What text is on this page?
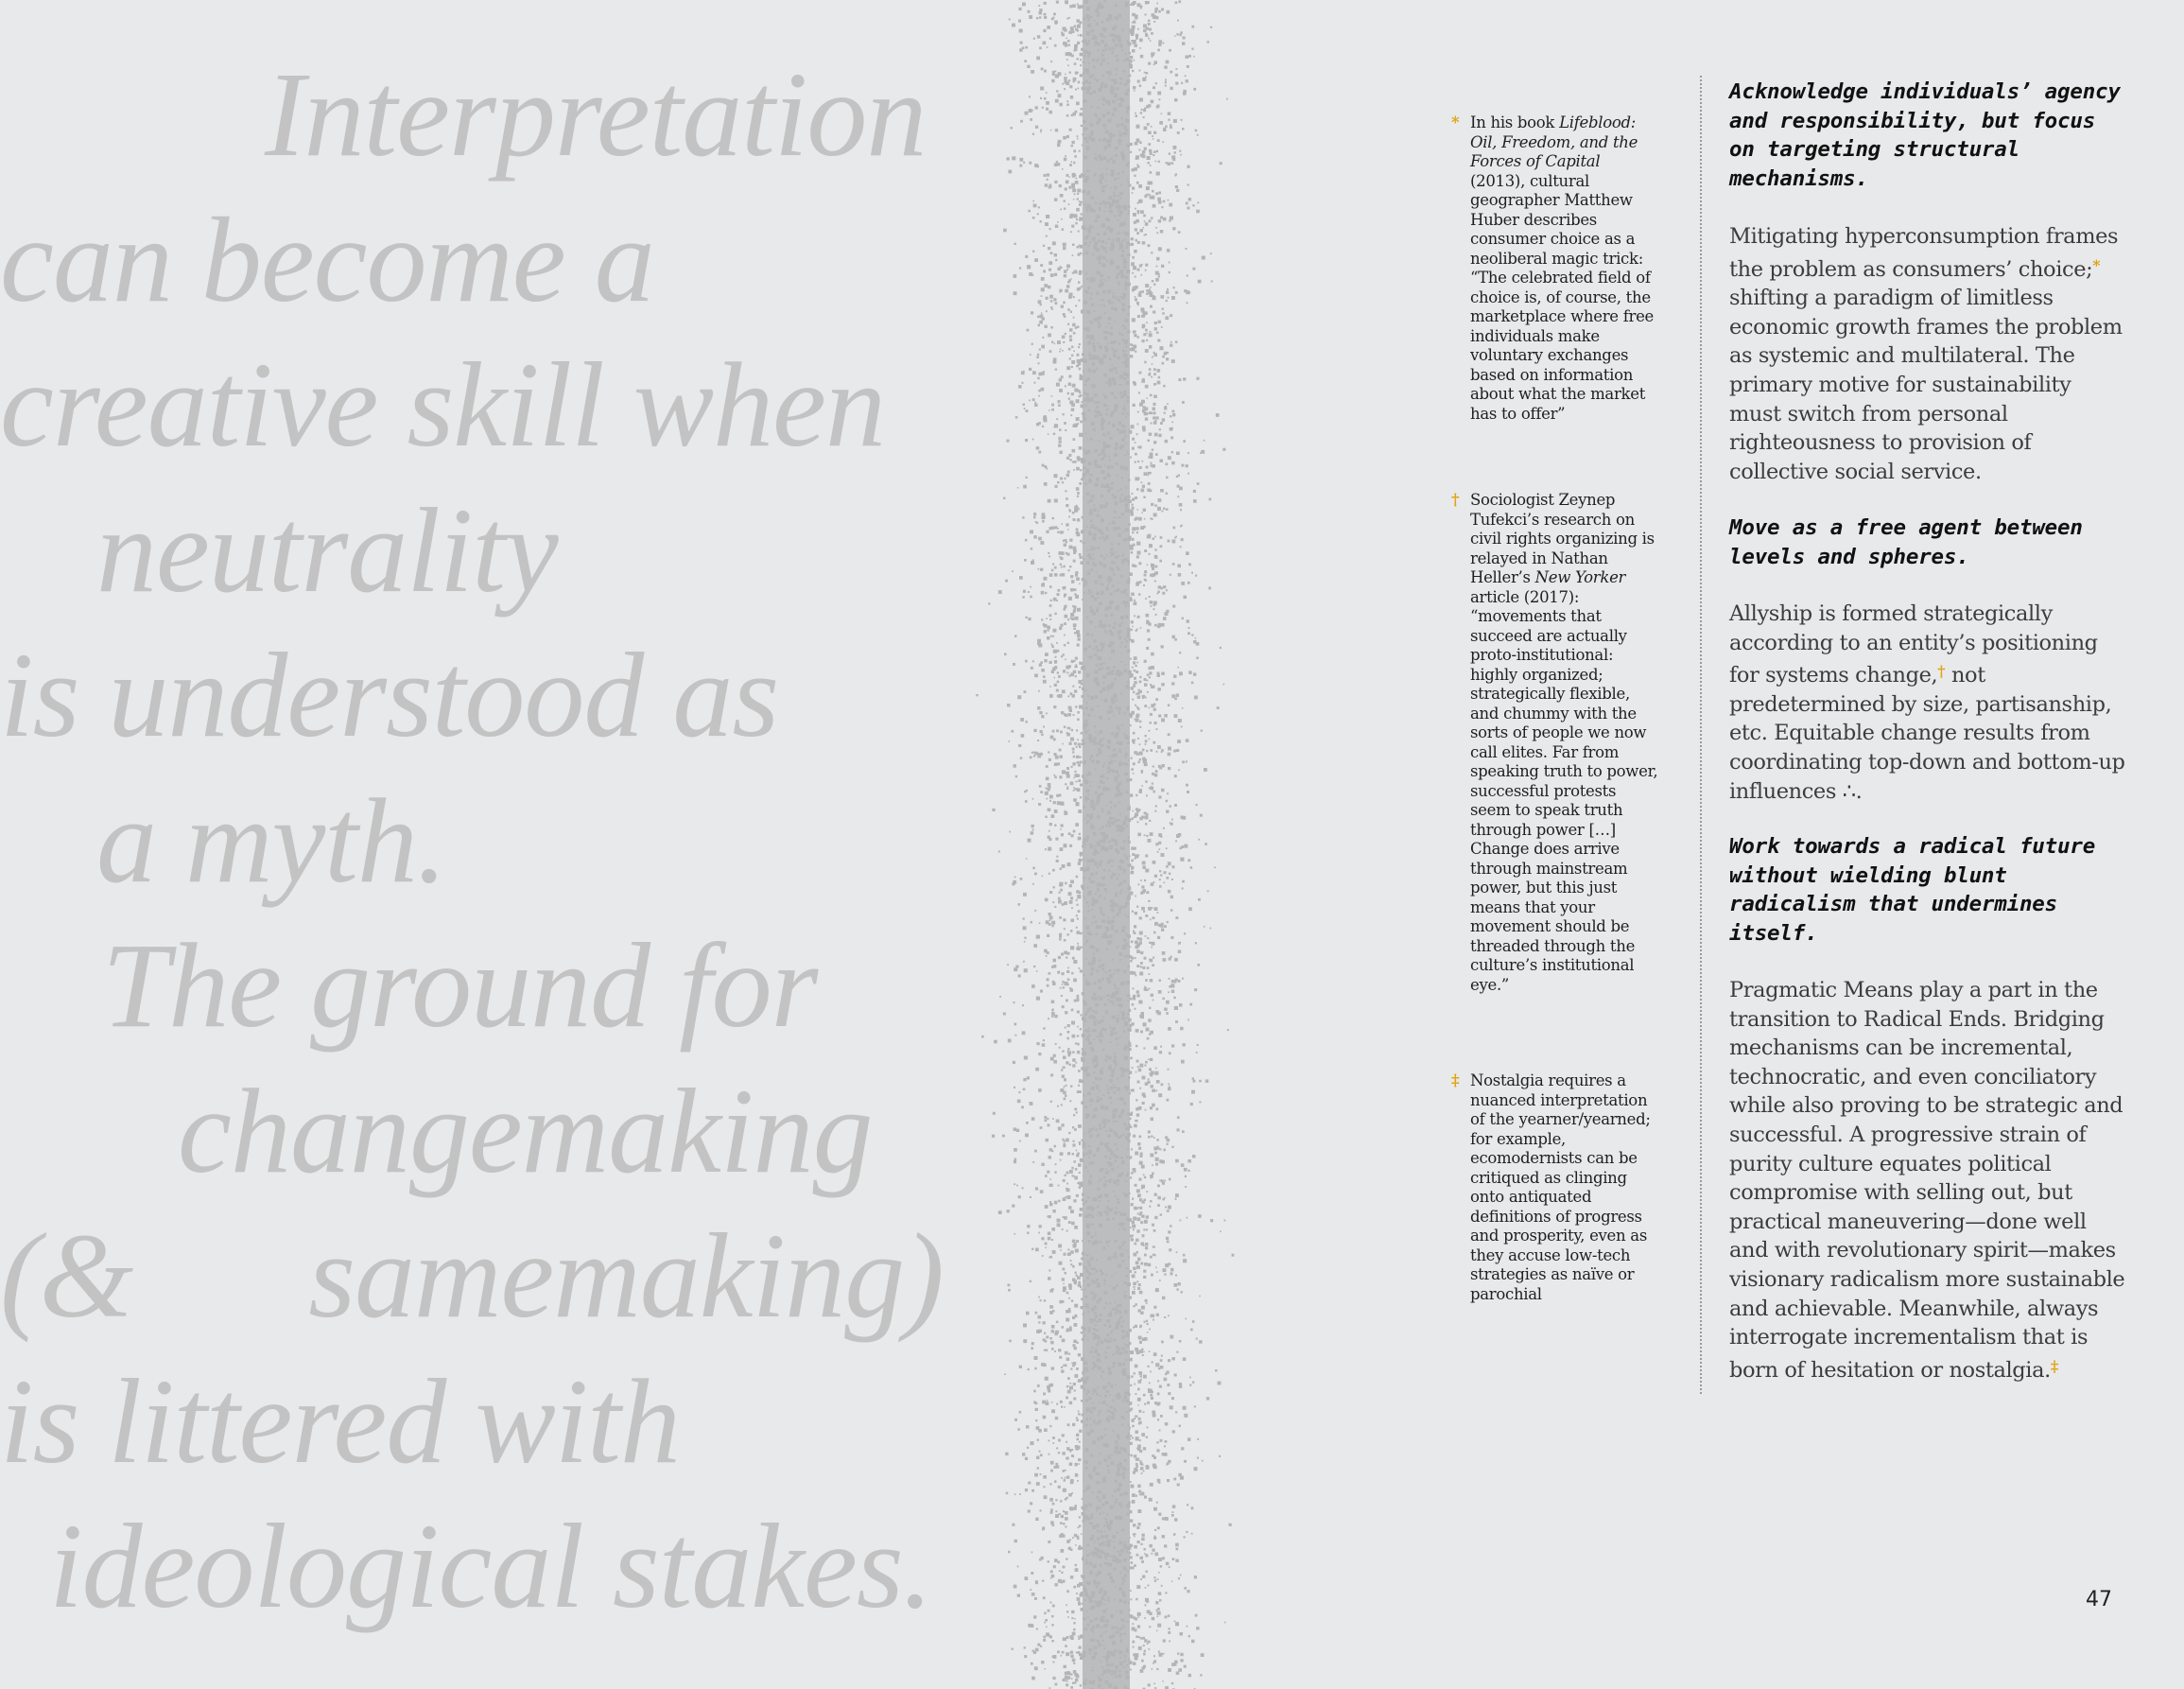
Interpretation
can become a
creative skill when
neutrality
is understood as
a myth.
The ground for
changemaking
(&      samemaking)
is littered with
ideological stakes.
* In his book Lifeblood: Oil, Freedom, and the Forces of Capital (2013), cultural geographer Matthew Huber describes consumer choice as a neoliberal magic trick: “The celebrated field of choice is, of course, the marketplace where free individuals make voluntary exchanges based on information about what the market has to offer”
† Sociologist Zeynep Tufekci’s research on civil rights organizing is relayed in Nathan Heller’s New Yorker article (2017): “movements that succeed are actually proto-institutional: highly organized; strategically flexible, and chummy with the sorts of people we now call elites. Far from speaking truth to power, successful protests seem to speak truth through power […] Change does arrive through mainstream power, but this just means that your movement should be threaded through the culture’s institutional eye.”
‡ Nostalgia requires a nuanced interpretation of the yearner/yearned; for example, ecomodernists can be critiqued as clinging onto antiquated definitions of progress and prosperity, even as they accuse low-tech strategies as naïve or parochial

Acknowledge individuals’ agency and responsibility, but focus on targeting structural mechanisms.

Mitigating hyperconsumption frames the problem as consumers’ choice;* shifting a paradigm of limitless economic growth frames the problem as systemic and multilateral. The primary motive for sustainability must switch from personal righteousness to provision of collective social service.

Move as a free agent between levels and spheres.

Allyship is formed strategically according to an entity’s positioning for systems change,† not predetermined by size, partisanship, etc. Equitable change results from coordinating top-down and bottom-up influences ∴.

Work towards a radical future without wielding blunt radicalism that undermines itself.

Pragmatic Means play a part in the transition to Radical Ends. Bridging mechanisms can be incremental, technocratic, and even conciliatory while also proving to be strategic and successful. A progressive strain of purity culture equates political compromise with selling out, but practical maneuvering—done well and with revolutionary spirit—makes visionary radicalism more sustainable and achievable. Meanwhile, always interrogate incrementalism that is born of hesitation or nostalgia.‡

47
